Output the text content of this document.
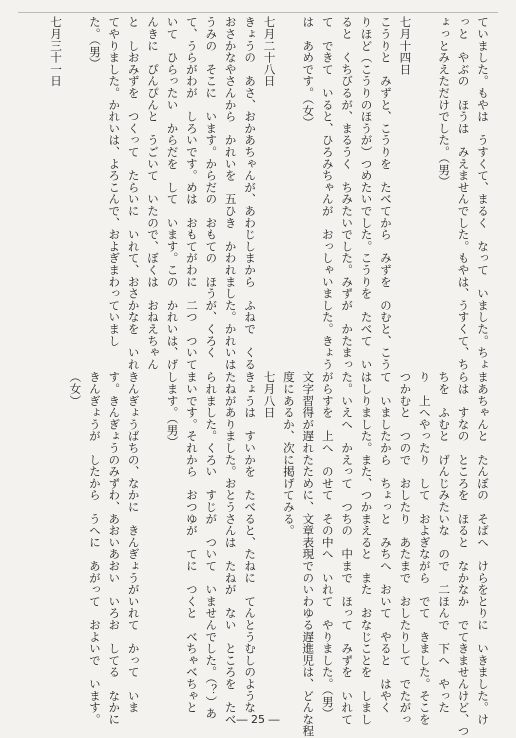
ていました。もやは　うすくて、まるく　なって　いました。ちょ
っと　やぶの　ほうは　みえませんでした。もやは、うすくて、ち
ょっとみえただけでした。（男）

七月十四日
こうりと　みずと、こうりを　たべてから　みずを　のむと、こう
りほど（こうりのほうが）つめたいでした。こうりを　たべて　い
ると　くちびるが、まるうく　ちみたいでした。みずが　かたまっ
て　できて　いると、ひろみちゃんが　おっしゃいました。きょう
は　あめです。（女）

七月二十八日
きょうの　あさ、おかあちゃんが、あわじしまから　ふねで　くる
おさかなやさんから　かれいを　五ひき　かわれました。かれいは
うみの　そこに　います。からだの　おもての　ほうが、くろく
て、うらがわが　しろいです。めは　おもてがわに　二つ　ついて
いて　ひらったい　からだを　して　います。この　かれいは、げ
んきに　ぴんぴんと　うごいて　いたので、ぼくは　おねえちゃん
と　しおみずを　つくって　たらいに　いれて、おさかなを　いれ
てやりました。かれいは、よろこんで、およぎまわっていまし
た。（男）

七月三十一日
まあちゃんと　たんぼの　そばへ　けらをとりに　いきました。け
らは　すなの　ところを　ほると　なかなか　でてきませんけど、つ
ちを　ふむと　げんじみたいな　ので　二ほんで　下へ　やった
り　上へやったり　して　およぎながら　でて　きました。そこを
つかむと　つので　おしたり　あたまで　おしたりして　でたがっ
て　いましたから　ちょっと　みちへ　おいて　やると　はやく
はしりました。また、つかまえると　また　おなじことを　しまし
た。いえへ　かえって　つちの　中まで　ほって　みずを　いれて
がらすを　上へ　のせて　その中へ　いれて　やりました。（男）
文字習得が遅れたために、文章表現でのいわゆる遅進児は、どんな程
度にあるか、次に掲げてみる。
七月八日
きょうは　すいかを　たべると、たねに　てんとうむしのような
たねがありました。おとうさんは　たねが　ない　ところを　たべ
られました。くろい　すじが　ついて　いませんでした。（？）あ
まいです。それから　おつゆが　てに　つくと　べちゃべちゃと
します。（男）

きんぎょうばちの、なかに　きんぎょうがいれて　かって　いま
す。きんぎょうのみずわ、あおいあおい　いろお　してる　なかに
きんぎょうが　したから　うへに　あがって　およいで　います。
（女）
― 25 ―
